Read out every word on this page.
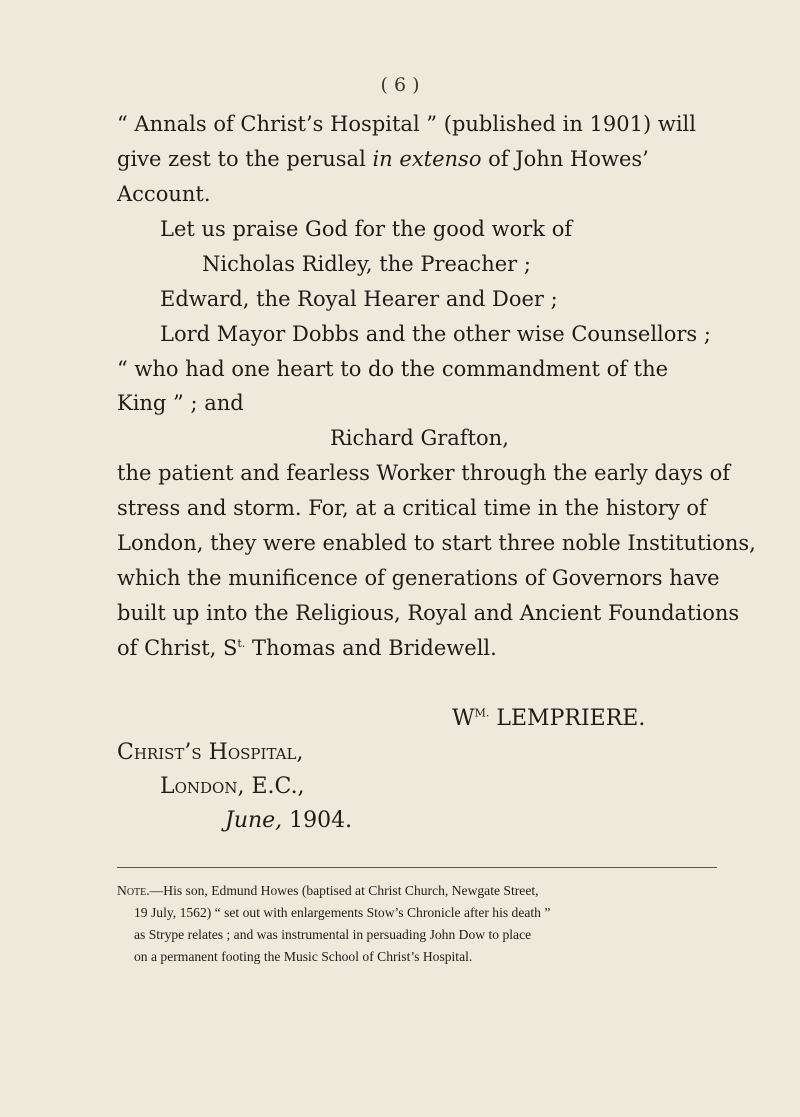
( 6 )
“ Annals of Christ’s Hospital ” (published in 1901) will
give zest to the perusal in extenso of John Howes’
Account.
Let us praise God for the good work of
Nicholas Ridley, the Preacher ;
Edward, the Royal Hearer and Doer ;
Lord Mayor Dobbs and the other wise Counsellors ;
“ who had one heart to do the commandment of the
King ” ; and
Richard Grafton,
the patient and fearless Worker through the early days of
stress and storm. For, at a critical time in the history of
London, they were enabled to start three noble Institutions,
which the munificence of generations of Governors have
built up into the Religious, Royal and Ancient Foundations
of Christ, $S^{t.}$ Thomas and Bridewell.
$W^{M.}$ LEMPRIERE.
Christ’s Hospital,
London, E.C.,
June, 1904.
Note.—His son, Edmund Howes (baptised at Christ Church, Newgate Street,
19 July, 1562) “ set out with enlargements Stow’s Chronicle after his death ”
as Strype relates ; and was instrumental in persuading John Dow to place
on a permanent footing the Music School of Christ’s Hospital.
